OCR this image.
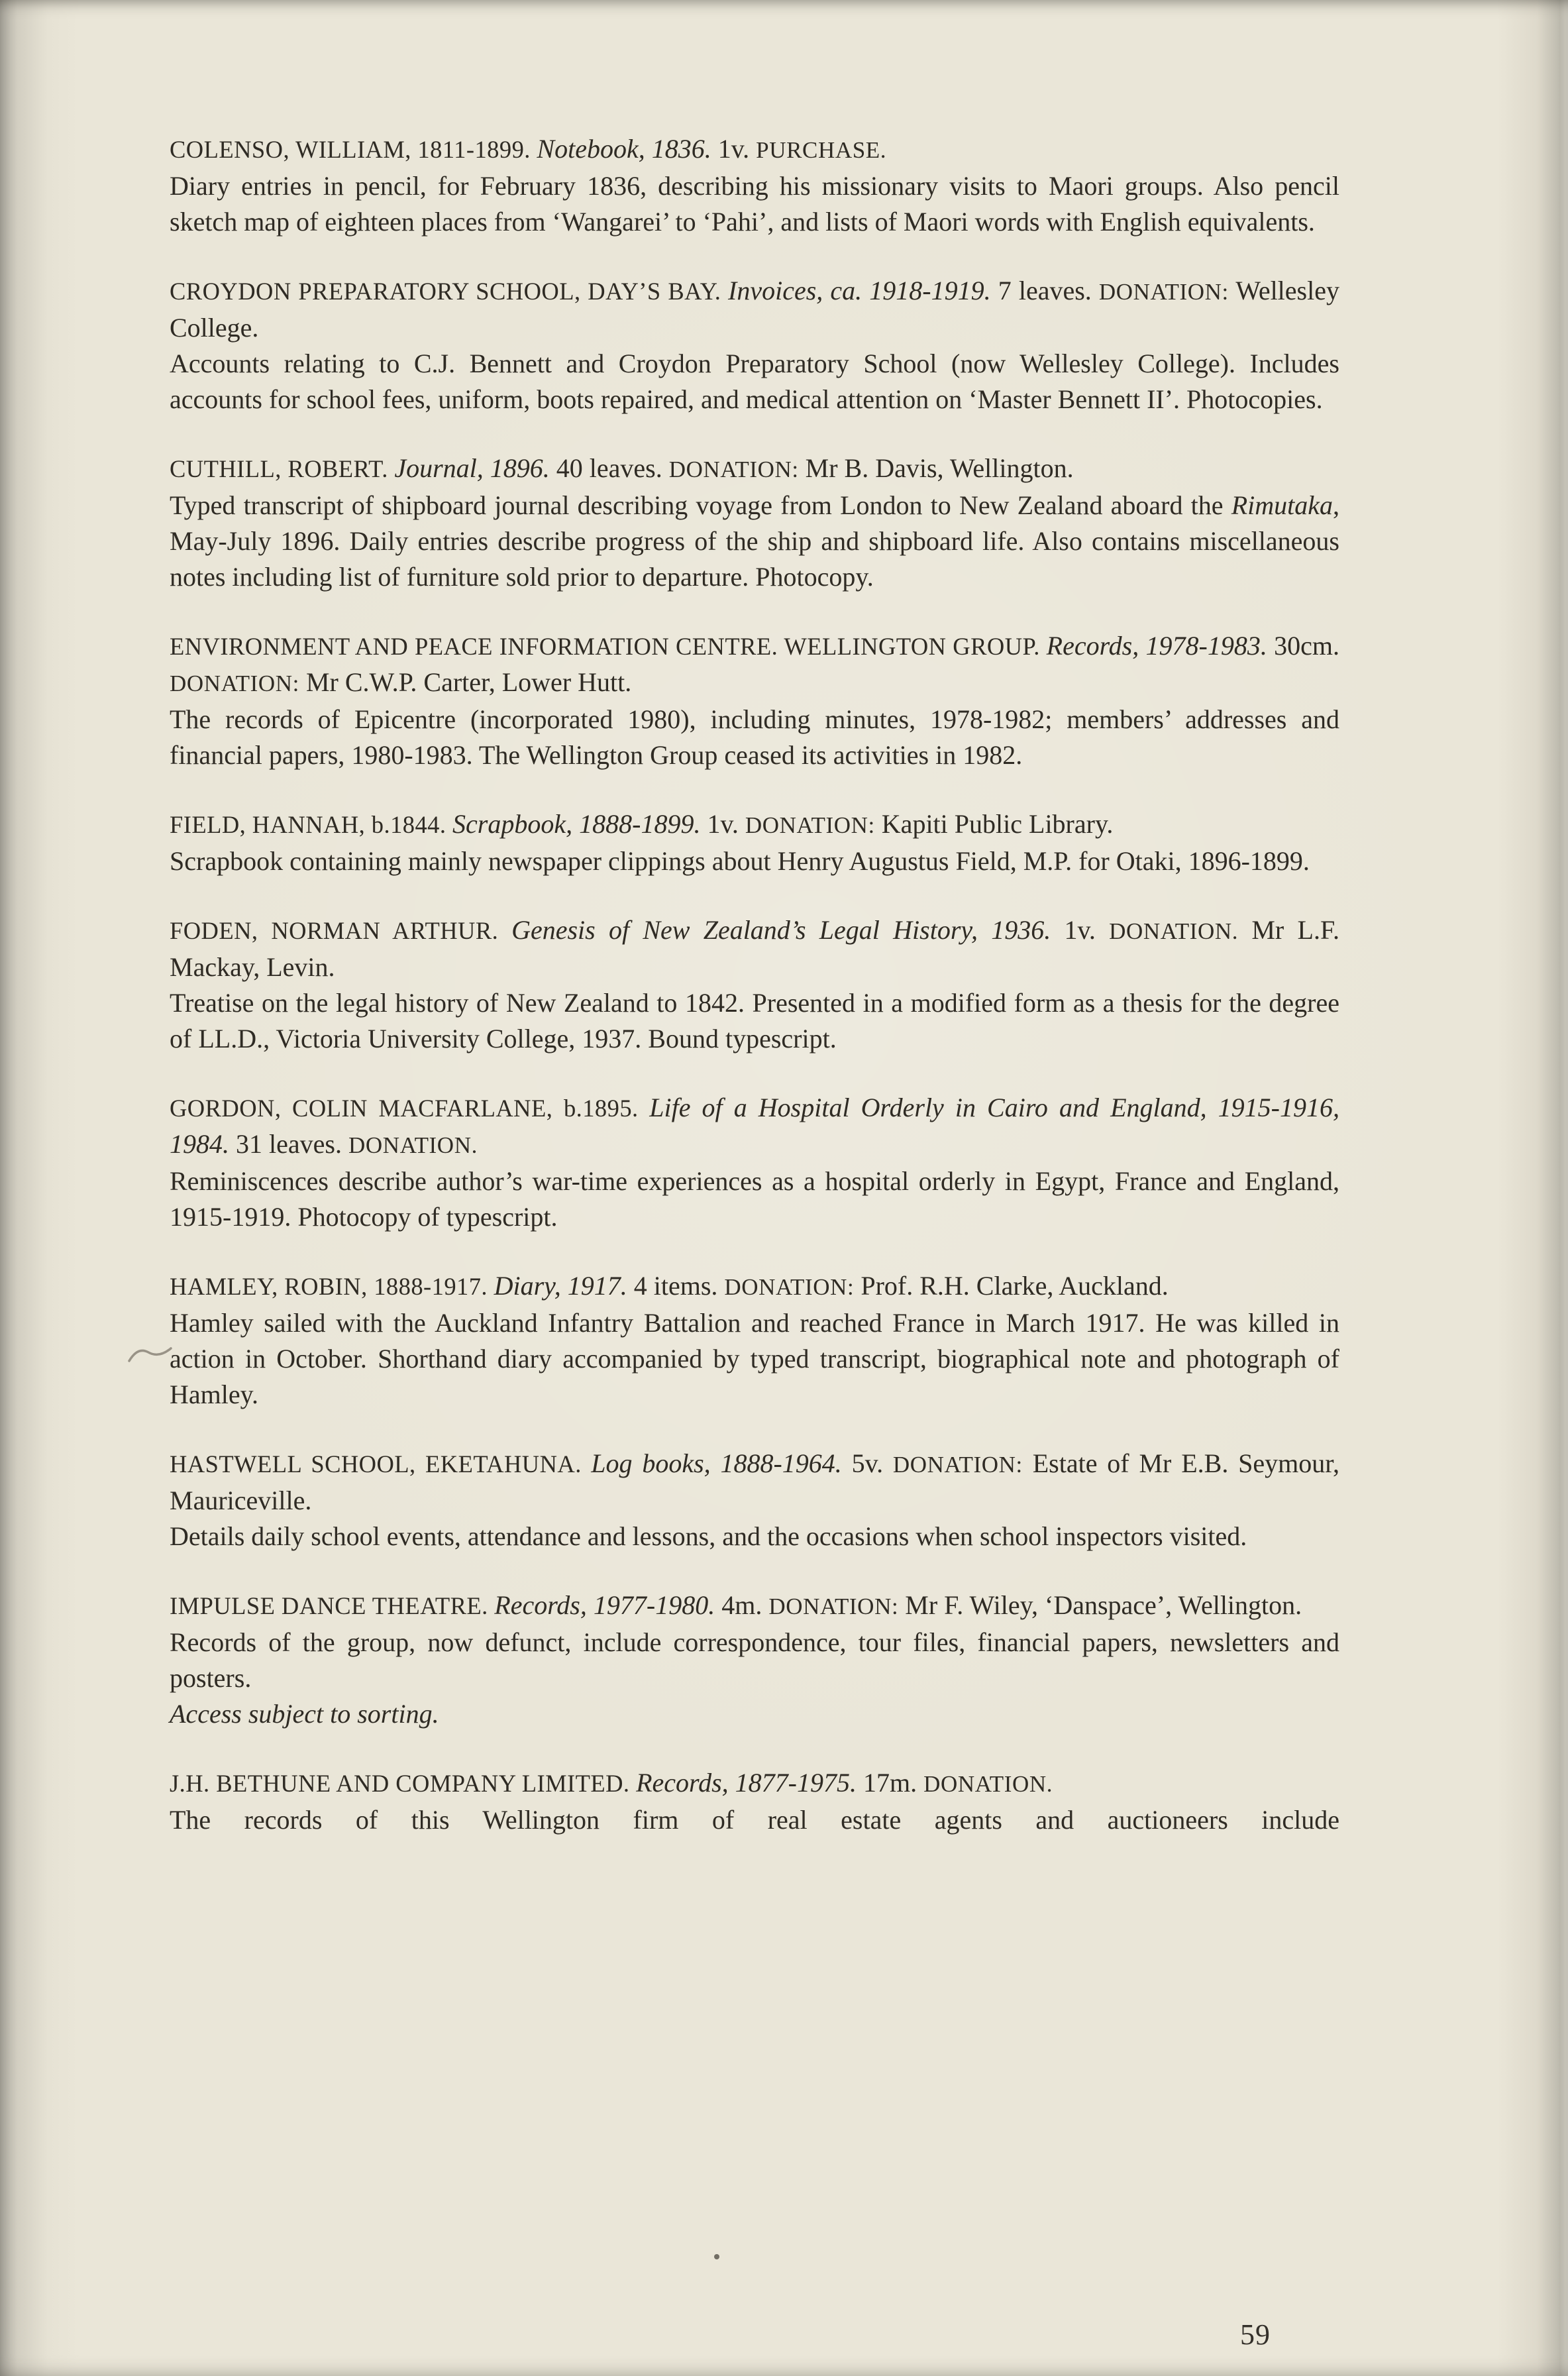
COLENSO, WILLIAM, 1811-1899. Notebook, 1836. 1v. PURCHASE.

Diary entries in pencil, for February 1836, describing his missionary visits to Maori groups. Also pencil sketch map of eighteen places from ‘Wangarei’ to ‘Pahi’, and lists of Maori words with English equivalents.

CROYDON PREPARATORY SCHOOL, DAY’S BAY. Invoices, ca. 1918-1919. 7 leaves. DONATION: Wellesley College.

Accounts relating to C.J. Bennett and Croydon Preparatory School (now Wellesley College). Includes accounts for school fees, uniform, boots repaired, and medical attention on ‘Master Bennett II’. Photocopies.

CUTHILL, ROBERT. Journal, 1896. 40 leaves. DONATION: Mr B. Davis, Wellington.

Typed transcript of shipboard journal describing voyage from London to New Zealand aboard the Rimutaka, May-July 1896. Daily entries describe progress of the ship and shipboard life. Also contains miscellaneous notes including list of furniture sold prior to departure. Photocopy.

ENVIRONMENT AND PEACE INFORMATION CENTRE. WELLINGTON GROUP. Records, 1978-1983. 30cm. DONATION: Mr C.W.P. Carter, Lower Hutt.

The records of Epicentre (incorporated 1980), including minutes, 1978-1982; members’ addresses and financial papers, 1980-1983. The Wellington Group ceased its activities in 1982.

FIELD, HANNAH, b.1844. Scrapbook, 1888-1899. 1v. DONATION: Kapiti Public Library.

Scrapbook containing mainly newspaper clippings about Henry Augustus Field, M.P. for Otaki, 1896-1899.

FODEN, NORMAN ARTHUR. Genesis of New Zealand’s Legal History, 1936. 1v. DONATION. Mr L.F. Mackay, Levin.

Treatise on the legal history of New Zealand to 1842. Presented in a modified form as a thesis for the degree of LL.D., Victoria University College, 1937. Bound typescript.

GORDON, COLIN MACFARLANE, b.1895. Life of a Hospital Orderly in Cairo and England, 1915-1916, 1984. 31 leaves. DONATION.

Reminiscences describe author’s war-time experiences as a hospital orderly in Egypt, France and England, 1915-1919. Photocopy of typescript.

HAMLEY, ROBIN, 1888-1917. Diary, 1917. 4 items. DONATION: Prof. R.H. Clarke, Auckland.

Hamley sailed with the Auckland Infantry Battalion and reached France in March 1917. He was killed in action in October. Shorthand diary accompanied by typed transcript, biographical note and photograph of Hamley.

HASTWELL SCHOOL, EKETAHUNA. Log books, 1888-1964. 5v. DONATION: Estate of Mr E.B. Seymour, Mauriceville.

Details daily school events, attendance and lessons, and the occasions when school inspectors visited.

IMPULSE DANCE THEATRE. Records, 1977-1980. 4m. DONATION: Mr F. Wiley, ‘Danspace’, Wellington.

Records of the group, now defunct, include correspondence, tour files, financial papers, newsletters and posters.

Access subject to sorting.

J.H. BETHUNE AND COMPANY LIMITED. Records, 1877-1975. 17m. DONATION.

The records of this Wellington firm of real estate agents and auctioneers include

59
